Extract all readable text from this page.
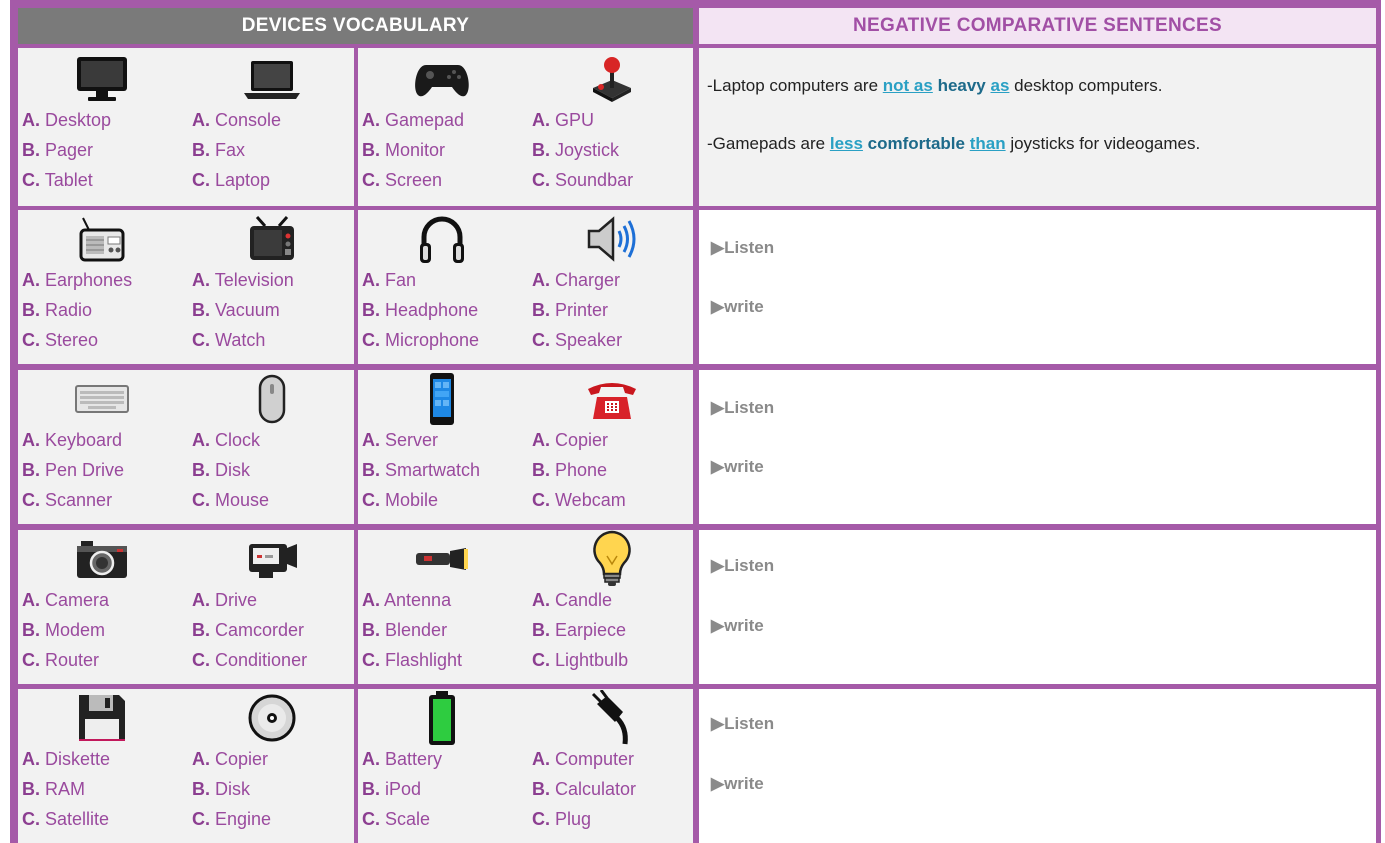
DEVICES VOCABULARY	NEGATIVE COMPARATIVE SENTENCES
A. Desktop
B. Pager
C. Tablet
A. Console
B. Fax
C. Laptop
A. Gamepad
B. Monitor
C. Screen
A. GPU
B. Joystick
C. Soundbar
-Laptop computers are not as heavy as desktop computers.
-Gamepads are less comfortable than joysticks for videogames.
A. Earphones
B. Radio
C. Stereo
A. Television
B. Vacuum
C. Watch
A. Fan
B. Headphone
C. Microphone
A. Charger
B. Printer
C. Speaker
▶Listen
▶write
A. Keyboard
B. Pen Drive
C. Scanner
A. Clock
B. Disk
C. Mouse
A. Server
B. Smartwatch
C. Mobile
A. Copier
B. Phone
C. Webcam
▶Listen
▶write
A. Camera
B. Modem
C. Router
A. Drive
B. Camcorder
C. Conditioner
A. Antenna
B. Blender
C. Flashlight
A. Candle
B. Earpiece
C. Lightbulb
▶Listen
▶write
A. Diskette
B. RAM
C. Satellite
A. Copier
B. Disk
C. Engine
A. Battery
B. iPod
C. Scale
A. Computer
B. Calculator
C. Plug
▶Listen
▶write
